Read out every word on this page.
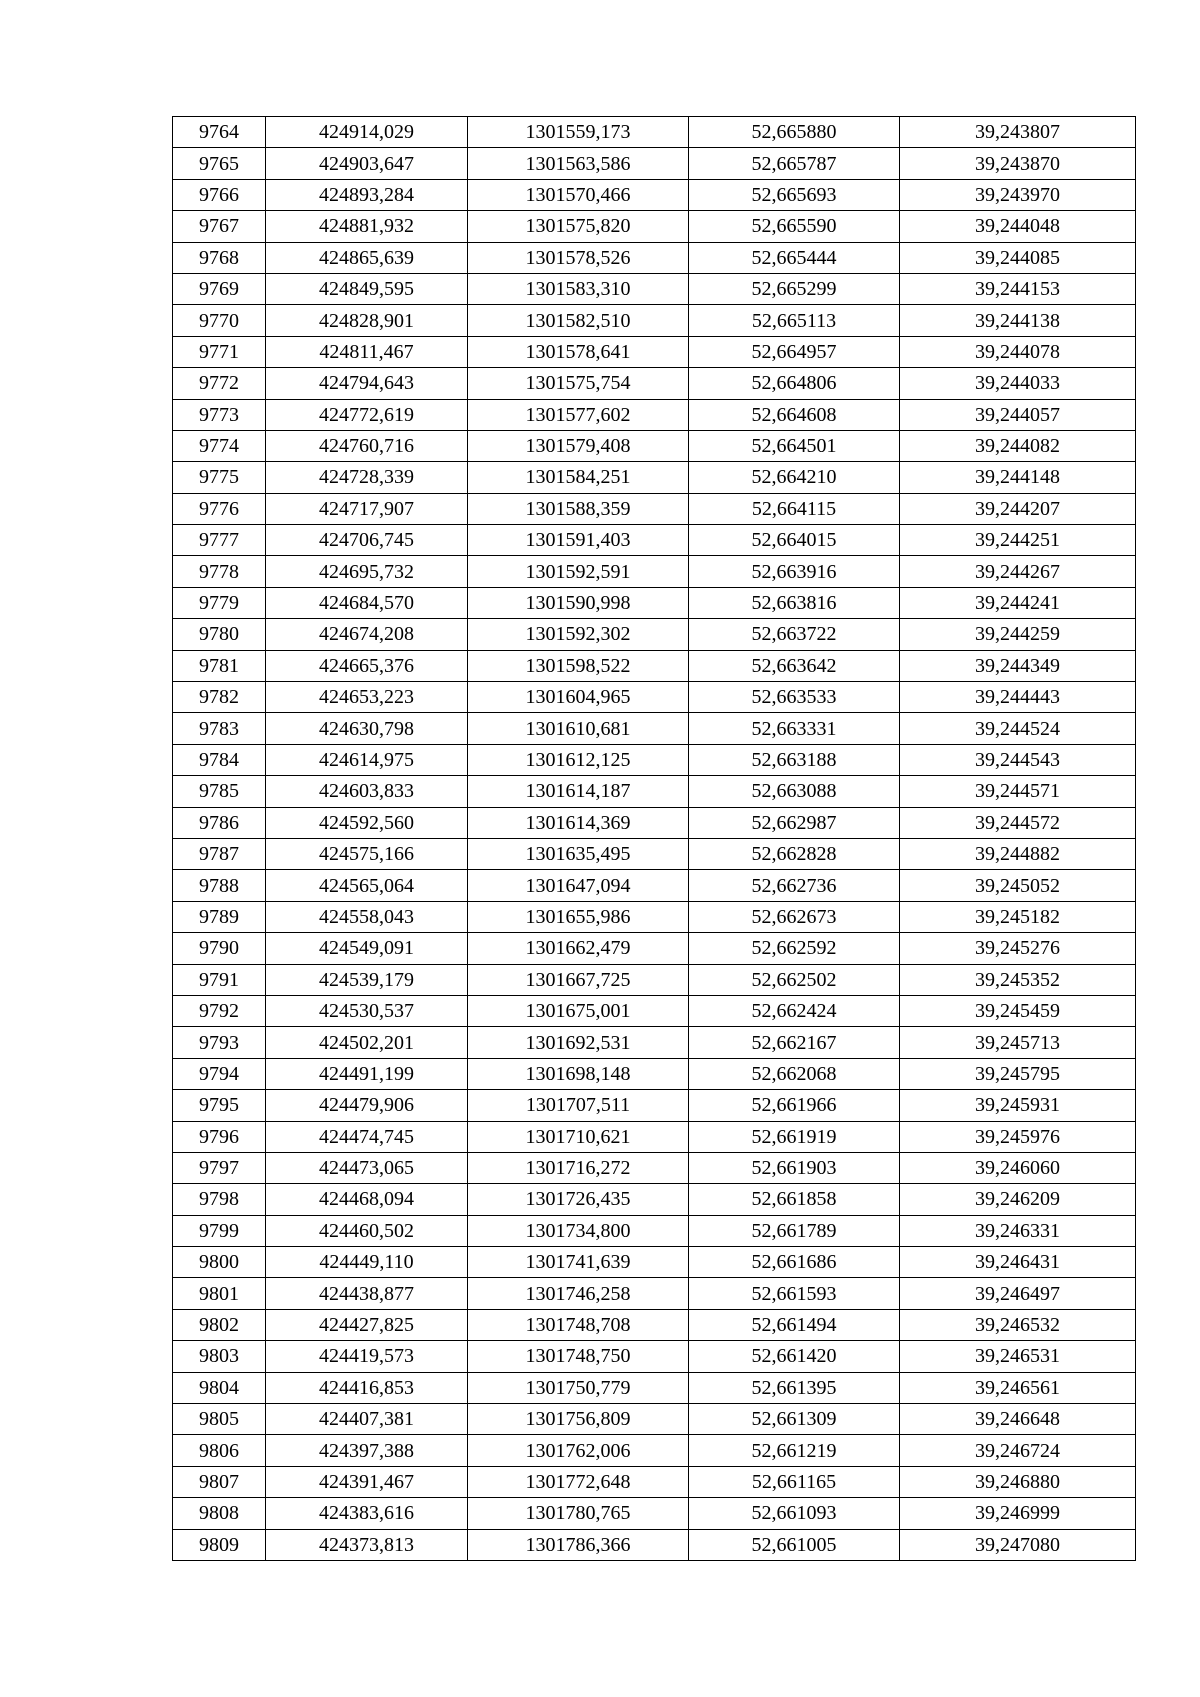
9764	424914,029	1301559,173	52,665880	39,243807
9765	424903,647	1301563,586	52,665787	39,243870
9766	424893,284	1301570,466	52,665693	39,243970
9767	424881,932	1301575,820	52,665590	39,244048
9768	424865,639	1301578,526	52,665444	39,244085
9769	424849,595	1301583,310	52,665299	39,244153
9770	424828,901	1301582,510	52,665113	39,244138
9771	424811,467	1301578,641	52,664957	39,244078
9772	424794,643	1301575,754	52,664806	39,244033
9773	424772,619	1301577,602	52,664608	39,244057
9774	424760,716	1301579,408	52,664501	39,244082
9775	424728,339	1301584,251	52,664210	39,244148
9776	424717,907	1301588,359	52,664115	39,244207
9777	424706,745	1301591,403	52,664015	39,244251
9778	424695,732	1301592,591	52,663916	39,244267
9779	424684,570	1301590,998	52,663816	39,244241
9780	424674,208	1301592,302	52,663722	39,244259
9781	424665,376	1301598,522	52,663642	39,244349
9782	424653,223	1301604,965	52,663533	39,244443
9783	424630,798	1301610,681	52,663331	39,244524
9784	424614,975	1301612,125	52,663188	39,244543
9785	424603,833	1301614,187	52,663088	39,244571
9786	424592,560	1301614,369	52,662987	39,244572
9787	424575,166	1301635,495	52,662828	39,244882
9788	424565,064	1301647,094	52,662736	39,245052
9789	424558,043	1301655,986	52,662673	39,245182
9790	424549,091	1301662,479	52,662592	39,245276
9791	424539,179	1301667,725	52,662502	39,245352
9792	424530,537	1301675,001	52,662424	39,245459
9793	424502,201	1301692,531	52,662167	39,245713
9794	424491,199	1301698,148	52,662068	39,245795
9795	424479,906	1301707,511	52,661966	39,245931
9796	424474,745	1301710,621	52,661919	39,245976
9797	424473,065	1301716,272	52,661903	39,246060
9798	424468,094	1301726,435	52,661858	39,246209
9799	424460,502	1301734,800	52,661789	39,246331
9800	424449,110	1301741,639	52,661686	39,246431
9801	424438,877	1301746,258	52,661593	39,246497
9802	424427,825	1301748,708	52,661494	39,246532
9803	424419,573	1301748,750	52,661420	39,246531
9804	424416,853	1301750,779	52,661395	39,246561
9805	424407,381	1301756,809	52,661309	39,246648
9806	424397,388	1301762,006	52,661219	39,246724
9807	424391,467	1301772,648	52,661165	39,246880
9808	424383,616	1301780,765	52,661093	39,246999
9809	424373,813	1301786,366	52,661005	39,247080
